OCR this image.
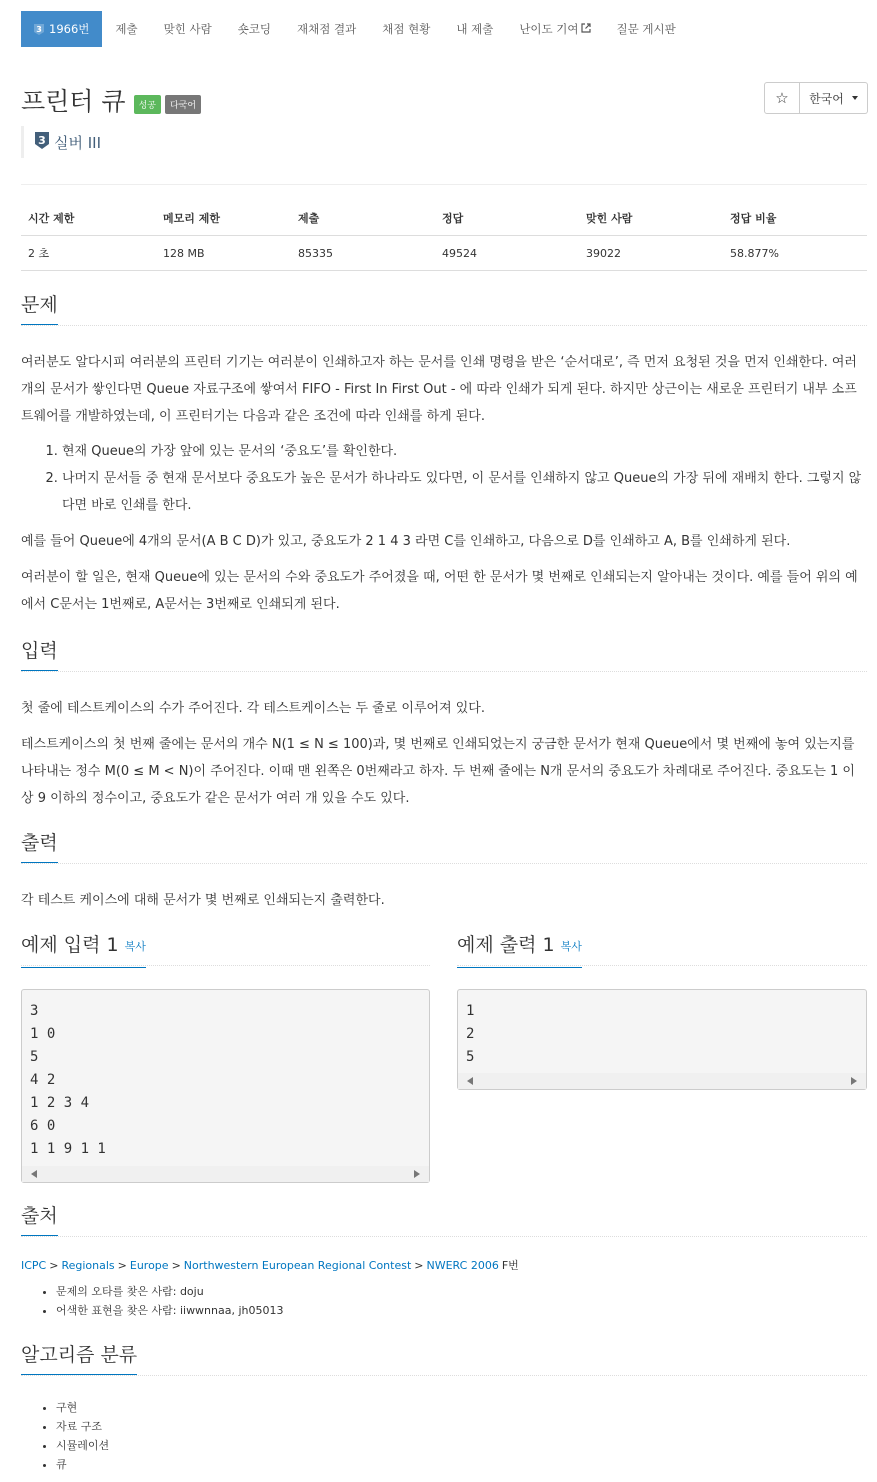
3 1966번	제출	맞힌 사람	숏코딩	재채점 결과	채점 현황	내 제출	난이도 기여	질문 게시판
프린터 큐	성공	다국어	☆ 한국어
3 실버 III
시간 제한	메모리 제한	제출	정답	맞힌 사람	정답 비율
2 초	128 MB	85335	49524	39022	58.877%
문제

여러분도 알다시피 여러분의 프린터 기기는 여러분이 인쇄하고자 하는 문서를 인쇄 명령을 받은 ‘순서대로’, 즉 먼저 요청된 것을 먼저 인쇄한다. 여러 개의 문서가 쌓인다면 Queue 자료구조에 쌓여서 FIFO - First In First Out - 에 따라 인쇄가 되게 된다. 하지만 상근이는 새로운 프린터기 내부 소프트웨어를 개발하였는데, 이 프린터기는 다음과 같은 조건에 따라 인쇄를 하게 된다.

1. 현재 Queue의 가장 앞에 있는 문서의 ‘중요도’를 확인한다.
2. 나머지 문서들 중 현재 문서보다 중요도가 높은 문서가 하나라도 있다면, 이 문서를 인쇄하지 않고 Queue의 가장 뒤에 재배치 한다. 그렇지 않다면 바로 인쇄를 한다.

예를 들어 Queue에 4개의 문서(A B C D)가 있고, 중요도가 2 1 4 3 라면 C를 인쇄하고, 다음으로 D를 인쇄하고 A, B를 인쇄하게 된다.

여러분이 할 일은, 현재 Queue에 있는 문서의 수와 중요도가 주어졌을 때, 어떤 한 문서가 몇 번째로 인쇄되는지 알아내는 것이다. 예를 들어 위의 예에서 C문서는 1번째로, A문서는 3번째로 인쇄되게 된다.

입력

첫 줄에 테스트케이스의 수가 주어진다. 각 테스트케이스는 두 줄로 이루어져 있다.

테스트케이스의 첫 번째 줄에는 문서의 개수 N(1 ≤ N ≤ 100)과, 몇 번째로 인쇄되었는지 궁금한 문서가 현재 Queue에서 몇 번째에 놓여 있는지를 나타내는 정수 M(0 ≤ M < N)이 주어진다. 이때 맨 왼쪽은 0번째라고 하자. 두 번째 줄에는 N개 문서의 중요도가 차례대로 주어진다. 중요도는 1 이상 9 이하의 정수이고, 중요도가 같은 문서가 여러 개 있을 수도 있다.

출력

각 테스트 케이스에 대해 문서가 몇 번째로 인쇄되는지 출력한다.

예제 입력 1 복사
3
1 0
5
4 2
1 2 3 4
6 0
1 1 9 1 1
예제 출력 1 복사
1
2
5
출처
ICPC > Regionals > Europe > Northwestern European Regional Contest > NWERC 2006 F번
• 문제의 오타를 찾은 사람: doju
• 어색한 표현을 찾은 사람: iiwwnnaa, jh05013
알고리즘 분류
• 구현
• 자료 구조
• 시뮬레이션
• 큐
